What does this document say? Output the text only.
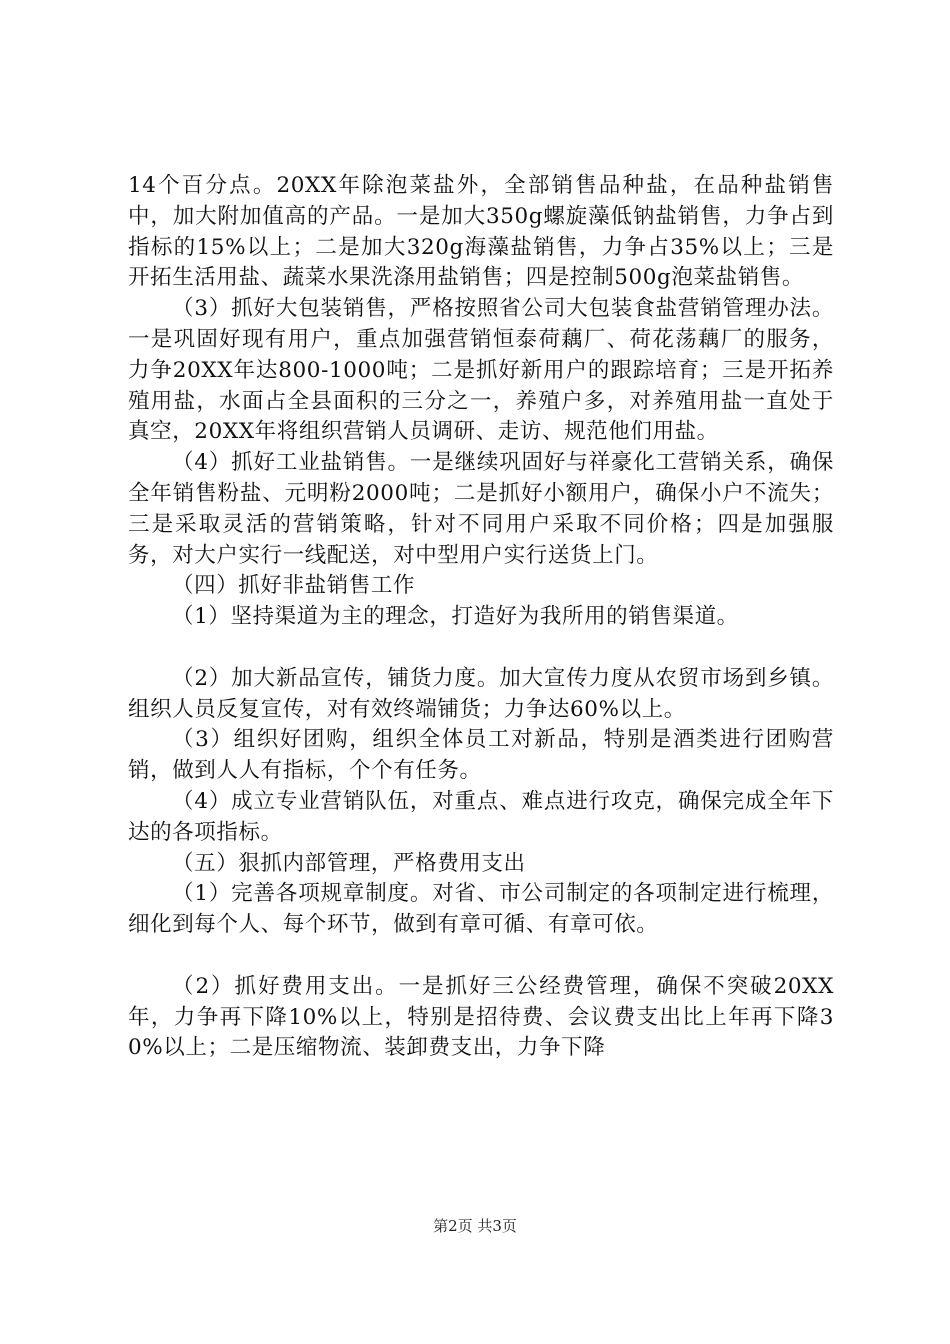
14个百分点。20XX年除泡菜盐外，全部销售品种盐，在品种盐销售中，加大附加值高的产品。一是加大350g螺旋藻低钠盐销售，力争占到指标的15%以上；二是加大320g海藻盐销售，力争占35%以上；三是开拓生活用盐、蔬菜水果洗涤用盐销售；四是控制500g泡菜盐销售。

（3）抓好大包装销售，严格按照省公司大包装食盐营销管理办法。一是巩固好现有用户，重点加强营销恒泰荷藕厂、荷花荡藕厂的服务，力争20XX年达800-1000吨；二是抓好新用户的跟踪培育；三是开拓养殖用盐，水面占全县面积的三分之一，养殖户多，对养殖用盐一直处于真空，20XX年将组织营销人员调研、走访、规范他们用盐。

（4）抓好工业盐销售。一是继续巩固好与祥豪化工营销关系，确保全年销售粉盐、元明粉2000吨；二是抓好小额用户，确保小户不流失；三是采取灵活的营销策略，针对不同用户采取不同价格；四是加强服务，对大户实行一线配送，对中型用户实行送货上门。

（四）抓好非盐销售工作

（1）坚持渠道为主的理念，打造好为我所用的销售渠道。

（2）加大新品宣传，铺货力度。加大宣传力度从农贸市场到乡镇。组织人员反复宣传，对有效终端铺货；力争达60%以上。

（3）组织好团购，组织全体员工对新品，特别是酒类进行团购营销，做到人人有指标，个个有任务。

（4）成立专业营销队伍，对重点、难点进行攻克，确保完成全年下达的各项指标。

（五）狠抓内部管理，严格费用支出

（1）完善各项规章制度。对省、市公司制定的各项制定进行梳理，细化到每个人、每个环节，做到有章可循、有章可依。

（2）抓好费用支出。一是抓好三公经费管理，确保不突破20XX年，力争再下降10%以上，特别是招待费、会议费支出比上年再下降30%以上；二是压缩物流、装卸费支出，力争下降

第2页 共3页
